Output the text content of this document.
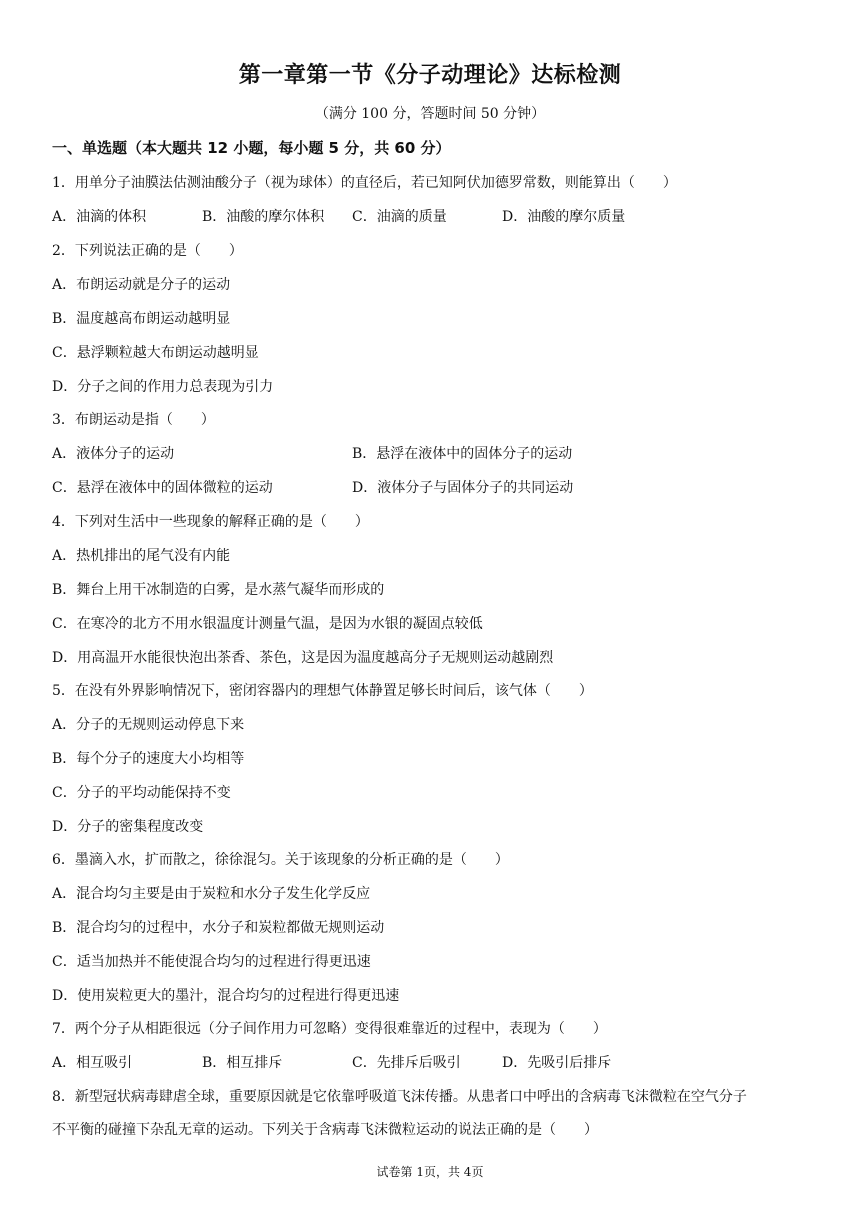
第一章第一节《分子动理论》达标检测
（满分 100 分，答题时间 50 分钟）
一、单选题（本大题共 12 小题，每小题 5 分，共 60 分）
1．用单分子油膜法估测油酸分子（视为球体）的直径后，若已知阿伏加德罗常数，则能算出（　　）
A．油滴的体积	B．油酸的摩尔体积 C．油滴的质量	D．油酸的摩尔质量
2．下列说法正确的是（　　）
A．布朗运动就是分子的运动
B．温度越高布朗运动越明显
C．悬浮颗粒越大布朗运动越明显
D．分子之间的作用力总表现为引力
3．布朗运动是指（　　）
A．液体分子的运动	B．悬浮在液体中的固体分子的运动
C．悬浮在液体中的固体微粒的运动	D．液体分子与固体分子的共同运动
4．下列对生活中一些现象的解释正确的是（　　）
A．热机排出的尾气没有内能
B．舞台上用干冰制造的白雾，是水蒸气凝华而形成的
C．在寒冷的北方不用水银温度计测量气温，是因为水银的凝固点较低
D．用高温开水能很快泡出茶香、茶色，这是因为温度越高分子无规则运动越剧烈
5．在没有外界影响情况下，密闭容器内的理想气体静置足够长时间后，该气体（　　）
A．分子的无规则运动停息下来
B．每个分子的速度大小均相等
C．分子的平均动能保持不变
D．分子的密集程度改变
6．墨滴入水，扩而散之，徐徐混匀。关于该现象的分析正确的是（　　）
A．混合均匀主要是由于炭粒和水分子发生化学反应
B．混合均匀的过程中，水分子和炭粒都做无规则运动
C．适当加热并不能使混合均匀的过程进行得更迅速
D．使用炭粒更大的墨汁，混合均匀的过程进行得更迅速
7．两个分子从相距很远（分子间作用力可忽略）变得很难靠近的过程中，表现为（　　）
A．相互吸引	B．相互排斥	C．先排斥后吸引	D．先吸引后排斥
8．新型冠状病毒肆虐全球，重要原因就是它依靠呼吸道飞沫传播。从患者口中呼出的含病毒飞沫微粒在空气分子
不平衡的碰撞下杂乱无章的运动。下列关于含病毒飞沫微粒运动的说法正确的是（　　）
试卷第 1页，共 4页
